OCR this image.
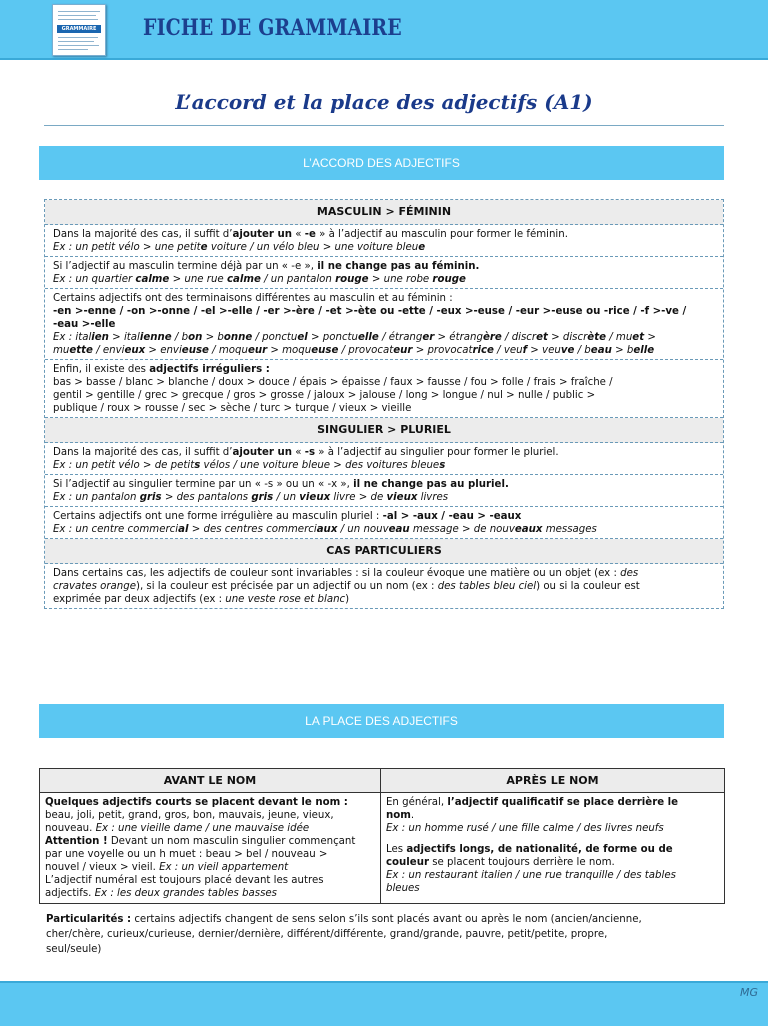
GRAMMAIRE FICHE DE GRAMMAIRE
L’accord et la place des adjectifs (A1)
L’ACCORD DES ADJECTIFS
MASCULIN > FÉMININ
Dans la majorité des cas, il suffit d’ajouter un « -e » à l’adjectif au masculin pour former le féminin.
Ex : un petit vélo > une petite voiture / un vélo bleu > une voiture bleue
Si l’adjectif au masculin termine déjà par un « -e », il ne change pas au féminin.
Ex : un quartier calme > une rue calme / un pantalon rouge > une robe rouge
Certains adjectifs ont des terminaisons différentes au masculin et au féminin :
-en >-enne / -on >-onne / -el >-elle / -er >-ère / -et >-ète ou -ette / -eux >-euse / -eur >-euse ou -rice / -f >-ve /
-eau >-elle
Ex : italien > italienne / bon > bonne / ponctuel > ponctuelle / étranger > étrangère / discret > discrète / muet >
muette / envieux > envieuse / moqueur > moqueuse / provocateur > provocatrice / veuf > veuve / beau > belle
Enfin, il existe des adjectifs irréguliers :
bas > basse / blanc > blanche / doux > douce / épais > épaisse / faux > fausse / fou > folle / frais > fraîche /
gentil > gentille / grec > grecque / gros > grosse / jaloux > jalouse / long > longue / nul > nulle / public >
publique / roux > rousse / sec > sèche / turc > turque / vieux > vieille
SINGULIER > PLURIEL
Dans la majorité des cas, il suffit d’ajouter un « -s » à l’adjectif au singulier pour former le pluriel.
Ex : un petit vélo > de petits vélos / une voiture bleue > des voitures bleues
Si l’adjectif au singulier termine par un « -s » ou un « -x », il ne change pas au pluriel.
Ex : un pantalon gris > des pantalons gris / un vieux livre > de vieux livres
Certains adjectifs ont une forme irrégulière au masculin pluriel : -al > -aux / -eau > -eaux
Ex : un centre commercial > des centres commerciaux / un nouveau message > de nouveaux messages
CAS PARTICULIERS
Dans certains cas, les adjectifs de couleur sont invariables : si la couleur évoque une matière ou un objet (ex : des
cravates orange), si la couleur est précisée par un adjectif ou un nom (ex : des tables bleu ciel) ou si la couleur est
exprimée par deux adjectifs (ex : une veste rose et blanc)
LA PLACE DES ADJECTIFS
AVANT LE NOM	APRÈS LE NOM
Quelques adjectifs courts se placent devant le nom :
beau, joli, petit, grand, gros, bon, mauvais, jeune, vieux,
nouveau. Ex : une vieille dame / une mauvaise idée
Attention ! Devant un nom masculin singulier commençant
par une voyelle ou un h muet : beau > bel / nouveau >
nouvel / vieux > vieil. Ex : un vieil appartement
L’adjectif numéral est toujours placé devant les autres
adjectifs. Ex : les deux grandes tables basses
En général, l’adjectif qualificatif se place derrière le
nom.
Ex : un homme rusé / une fille calme / des livres neufs
Les adjectifs longs, de nationalité, de forme ou de
couleur se placent toujours derrière le nom.
Ex : un restaurant italien / une rue tranquille / des tables
bleues
Particularités : certains adjectifs changent de sens selon s’ils sont placés avant ou après le nom (ancien/ancienne,
cher/chère, curieux/curieuse, dernier/dernière, différent/différente, grand/grande, pauvre, petit/petite, propre,
seul/seule)
MG
